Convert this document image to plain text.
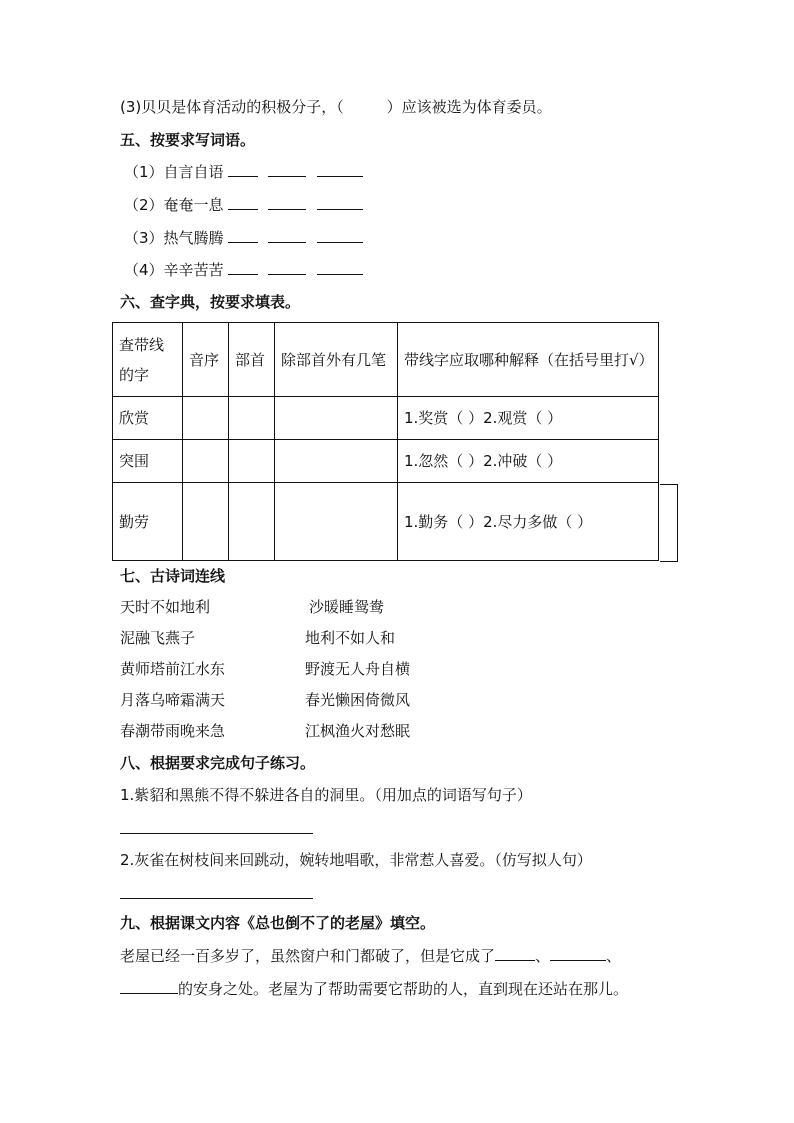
(3)贝贝是体育活动的积极分子，（         ）应该被选为体育委员。
五、按要求写词语。
（1）自言自语
（2）奄奄一息
（3）热气腾腾
（4）辛辛苦苦
六、查字典，按要求填表。
查带线的字	音序	部首	除部首外有几笔	带线字应取哪种解释（在括号里打√）
欣赏				1.奖赏（ ）2.观赏（ ）
突围				1.忽然（ ）2.冲破（ ）
勤劳				1.勤务（ ）2.尽力多做（ ）
七、古诗词连线
天时不如地利
泥融飞燕子
黄师塔前江水东
月落乌啼霜满天
春潮带雨晚来急
沙暖睡鸳鸯
地利不如人和
野渡无人舟自横
春光懒困倚微风
江枫渔火对愁眠
八、根据要求完成句子练习。
1.紫貂和黑熊不得不躲进各自的洞里。（用加点的词语写句子）
2.灰雀在树枝间来回跳动，婉转地唱歌，非常惹人喜爱。（仿写拟人句）
九、根据课文内容《总也倒不了的老屋》填空。
老屋已经一百多岁了，虽然窗户和门都破了，但是它成了	、	、
的安身之处。老屋为了帮助需要它帮助的人，直到现在还站在那儿。
